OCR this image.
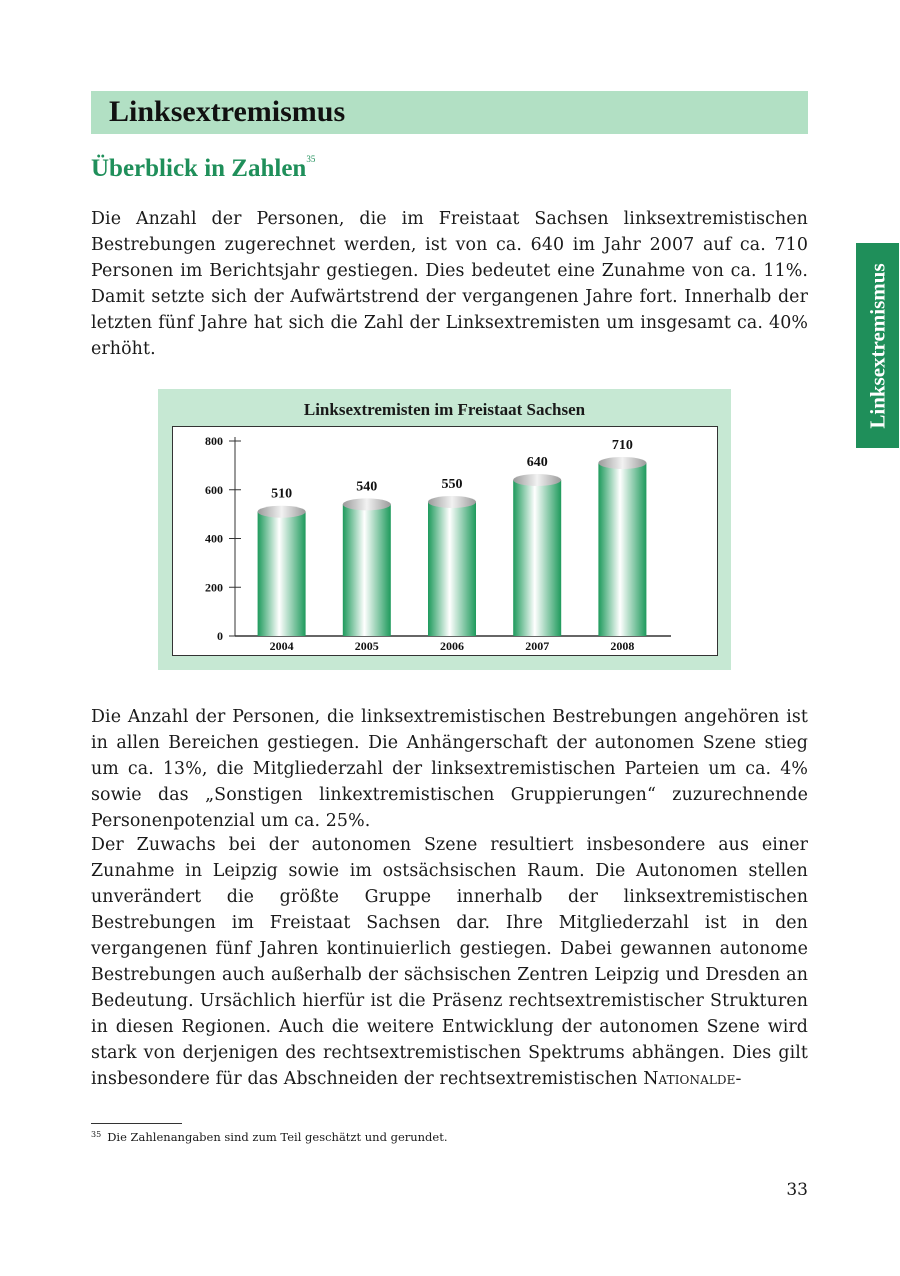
Linksextremismus
Linksextremismus
Überblick in Zahlen$^{35}$

Die Anzahl der Personen, die im Freistaat Sachsen linksextremistischen Bestrebungen zugerechnet werden, ist von ca. 640 im Jahr 2007 auf ca. 710 Personen im Berichtsjahr gestiegen. Dies bedeutet eine Zunahme von ca. 11%. Damit setzte sich der Aufwärtstrend der vergangenen Jahre fort. Innerhalb der letzten fünf Jahre hat sich die Zahl der Linksextremisten um insgesamt ca. 40% erhöht.

Linksextremisten im Freistaat Sachsen
0
200
400
600
800
510
2004
540
2005
550
2006
640
2007
710
2008

Die Anzahl der Personen, die linksextremistischen Bestrebungen angehören ist in allen Bereichen gestiegen. Die Anhängerschaft der autonomen Szene stieg um ca. 13%, die Mitgliederzahl der linksextremistischen Parteien um ca. 4% sowie das „Sonstigen linkextremistischen Gruppierungen“ zuzurechnende Personenpotenzial um ca. 25%.

Der Zuwachs bei der autonomen Szene resultiert insbesondere aus einer Zunahme in Leipzig sowie im ostsächsischen Raum. Die Autonomen stellen unverändert die größte Gruppe innerhalb der linksextremistischen Bestrebungen im Freistaat Sachsen dar. Ihre Mitgliederzahl ist in den vergangenen fünf Jahren kontinuierlich gestiegen. Dabei gewannen autonome Bestrebungen auch außerhalb der sächsischen Zentren Leipzig und Dresden an Bedeutung. Ursächlich hierfür ist die Präsenz rechtsextremistischer Strukturen in diesen Regionen. Auch die weitere Entwicklung der autonomen Szene wird stark von derjenigen des rechtsextremistischen Spektrums abhängen. Dies gilt insbesondere für das Abschneiden der rechtsextremistischen Nationalde-

$^{35}$ Die Zahlenangaben sind zum Teil geschätzt und gerundet.

33
